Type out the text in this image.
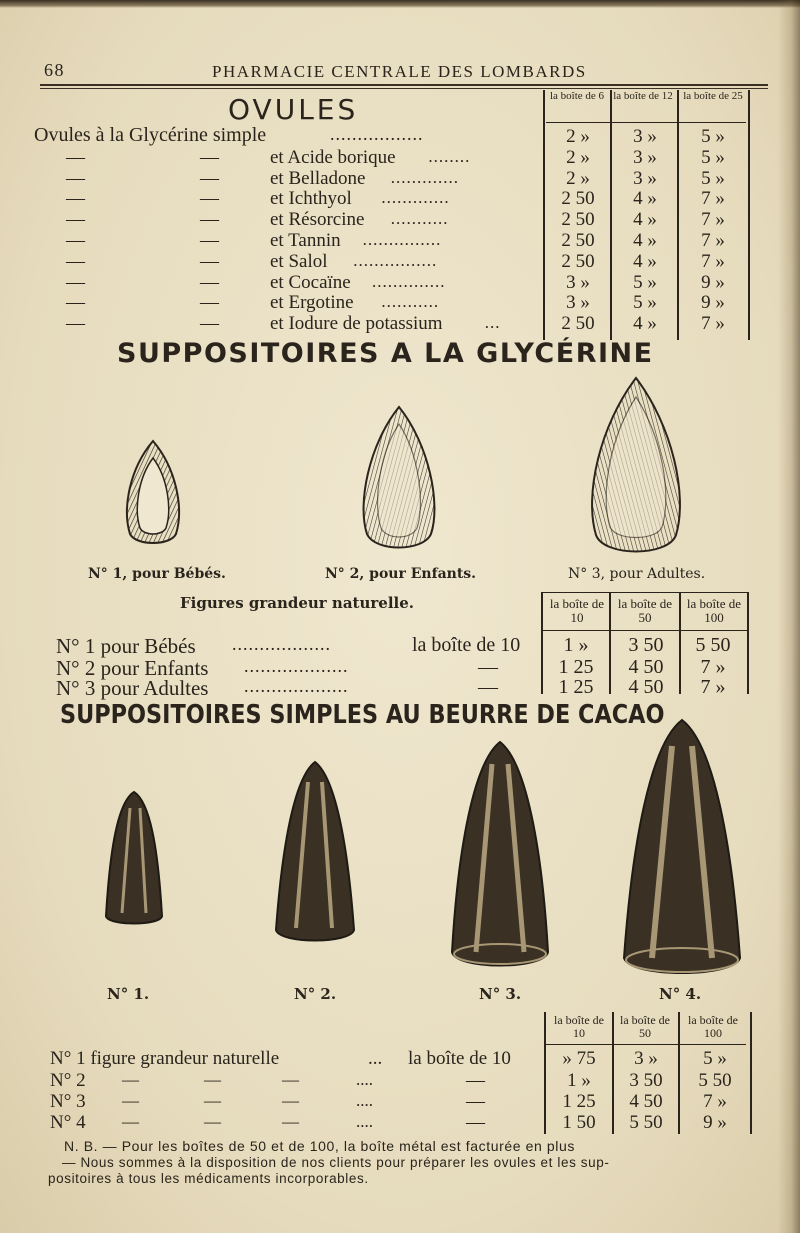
68	PHARMACIE CENTRALE DES LOMBARDS
OVULES	la boîte de 6 la boîte de 12 la boîte de 25
Ovules à la Glycérine simple	.................	2 »	3 »	5 »
—	—	et Acide borique ........	2 »	3 »	5 »
—	—	et Belladone .............	2 »	3 »	5 »
—	—	et Ichthyol .............	2 50	4 »	7 »
—	—	et Résorcine ...........	2 50	4 »	7 »
—	—	et Tannin ...............	2 50	4 »	7 »
—	—	et Salol ................	2 50	4 »	7 »
—	—	et Cocaïne ..............	3 »	5 »	9 »
—	—	et Ergotine ...........	3 »	5 »	9 »
—	—	et Iodure de potassium ...	2 50	4 »	7 »
SUPPOSITOIRES A LA GLYCÉRINE
N° 1, pour Bébés.	N° 2, pour Enfants.	N° 3, pour Adultes.
Figures grandeur naturelle.	la boîte de 10
la boîte de 50
la boîte de 100
N° 1 pour Bébés ..................	la boîte de 10	1 »	3 50	5 50
N° 2 pour Enfants ...................	—	1 25	4 50	7 »
N° 3 pour Adultes ...................	—	1 25	4 50	7 »
SUPPOSITOIRES SIMPLES AU BEURRE DE CACAO
N° 1.	N° 2.	N° 3.	N° 4.
la boîte de 10
la boîte de 50
la boîte de 100
N° 1 figure grandeur naturelle	... la boîte de 10	» 75	3 »	5 »
N° 2 —	—	—	....	—	1 »	3 50	5 50
N° 3 —	—	—	....	—	1 25	4 50	7 »
N° 4 —	—	—	....	—	1 50	5 50	9 »
N. B. — Pour les boîtes de 50 et de 100, la boîte métal est facturée en plus
— Nous sommes à la disposition de nos clients pour préparer les ovules et les sup-
positoires à tous les médicaments incorporables.
